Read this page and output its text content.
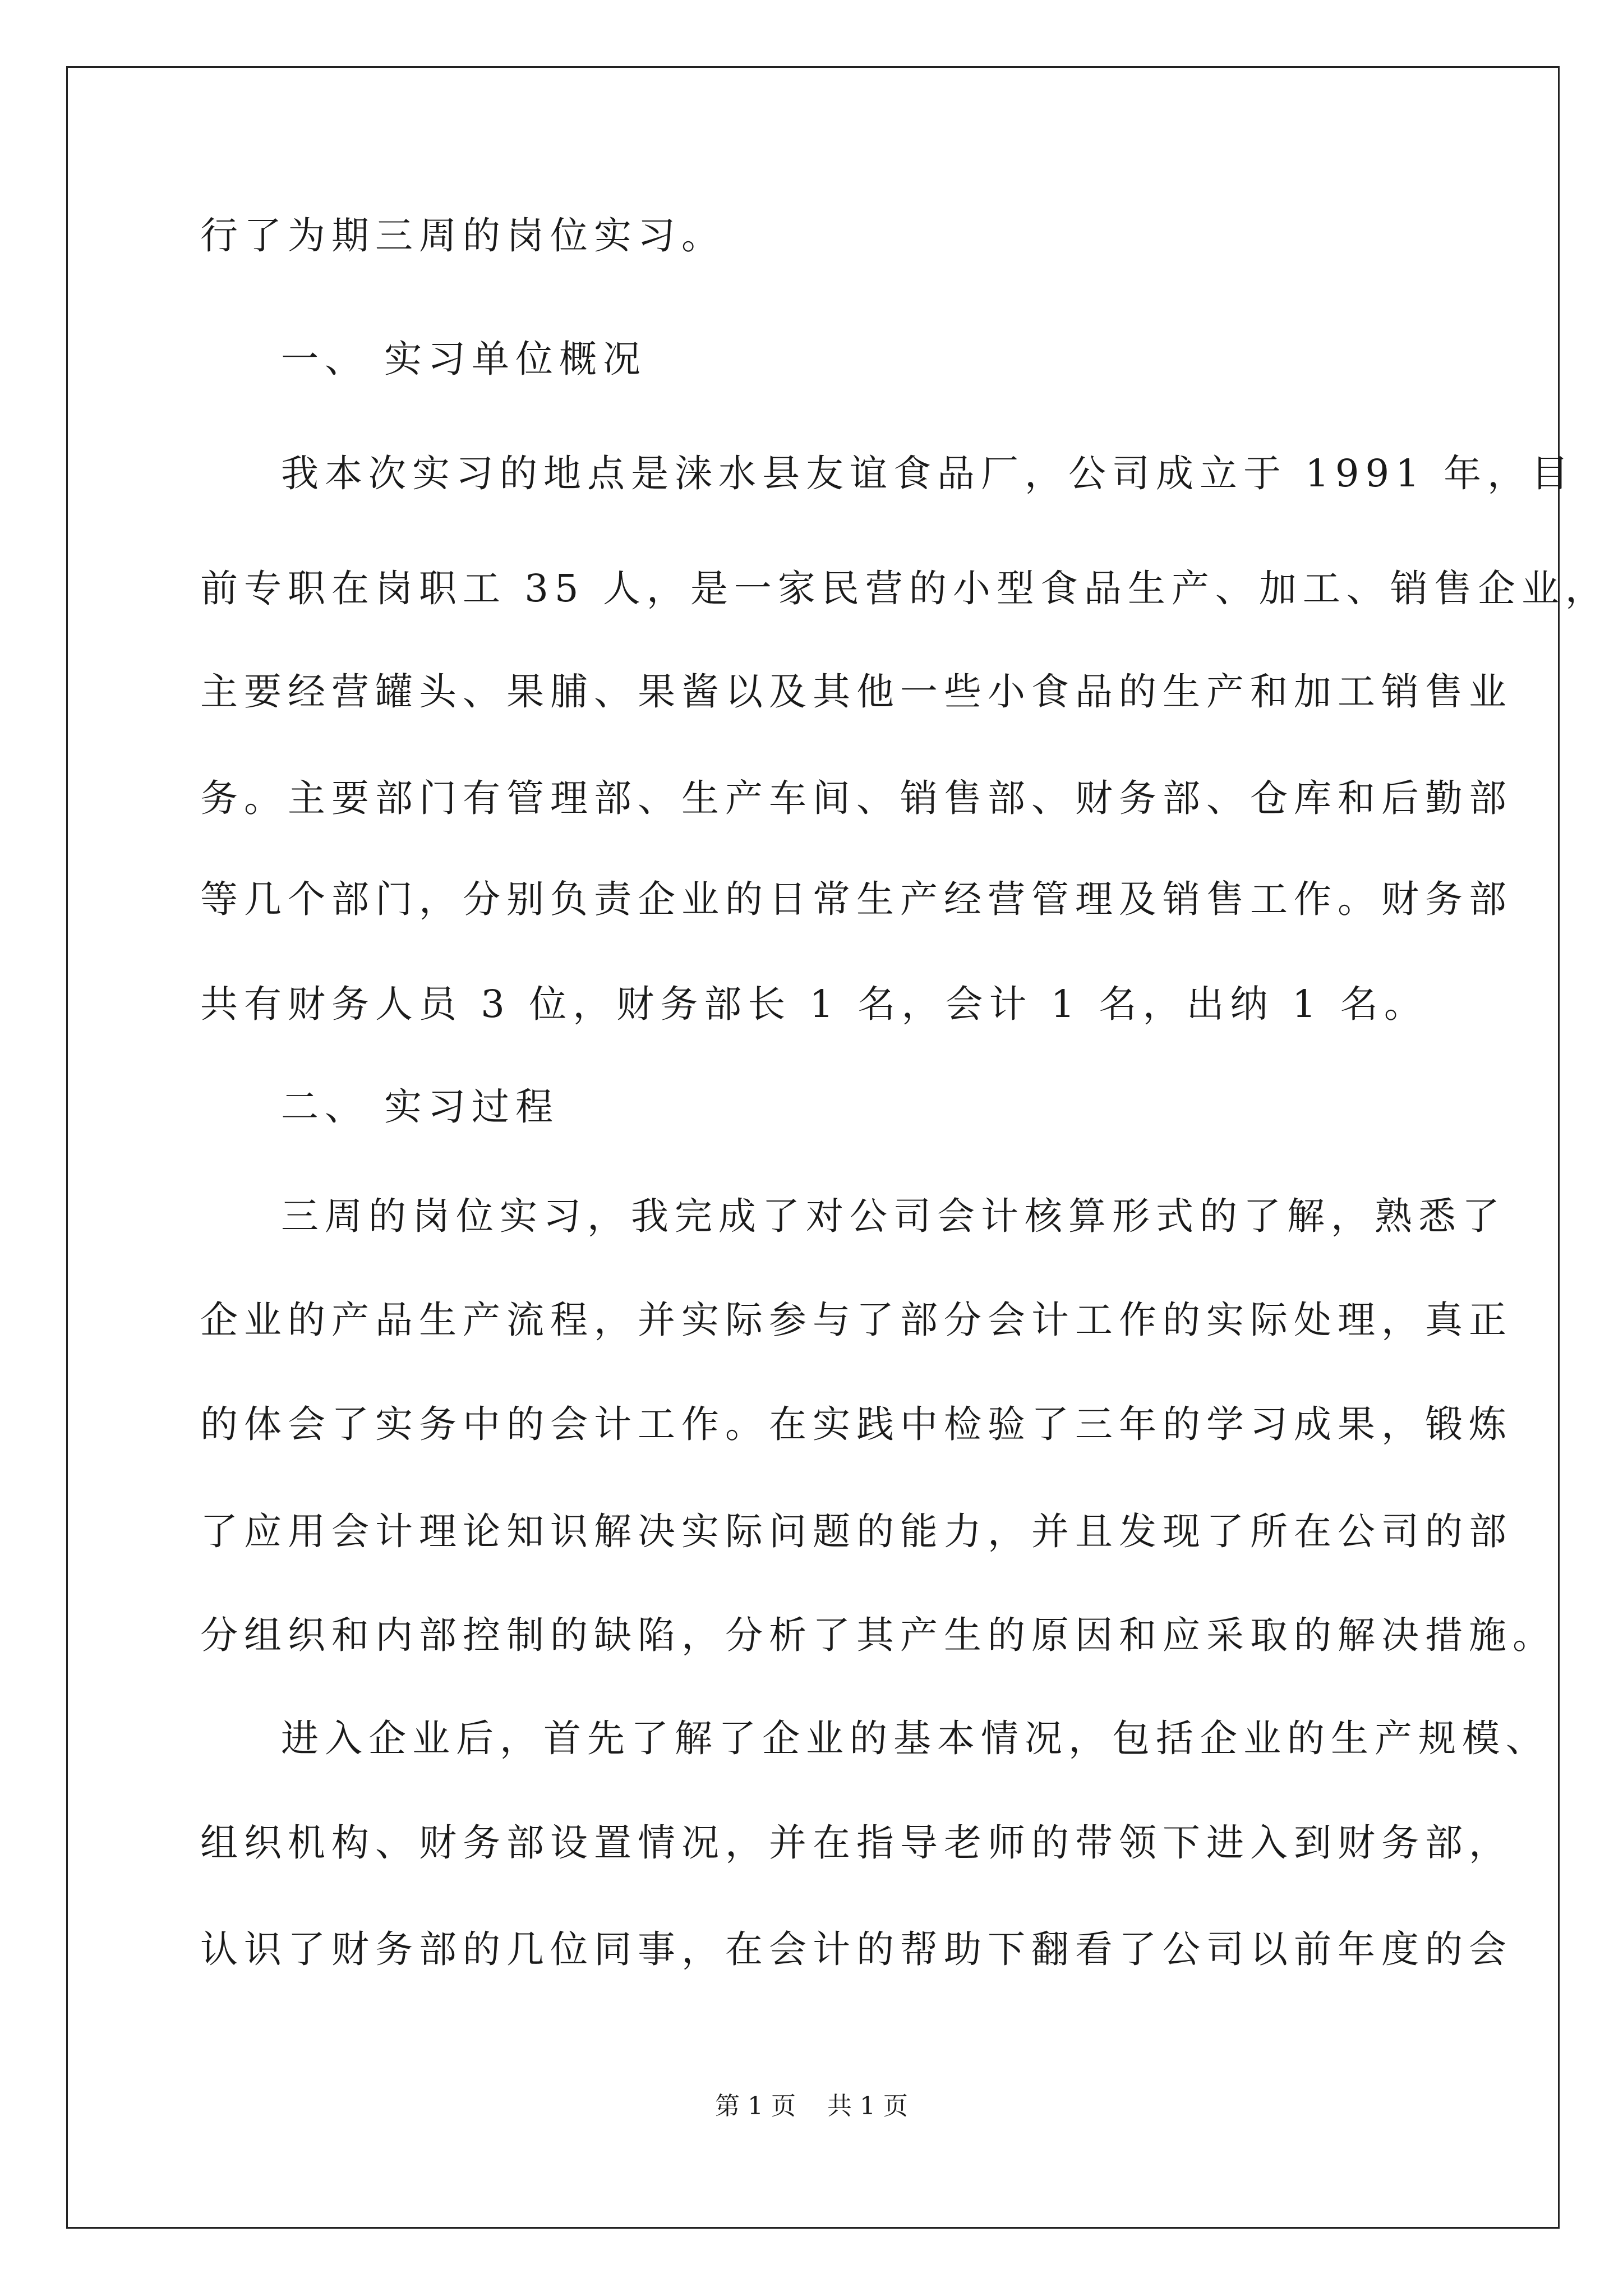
行了为期三周的岗位实习。
一、 实习单位概况
我本次实习的地点是涞水县友谊食品厂，公司成立于 1991 年，目
前专职在岗职工 35 人，是一家民营的小型食品生产、加工、销售企业，
主要经营罐头、果脯、果酱以及其他一些小食品的生产和加工销售业
务。主要部门有管理部、生产车间、销售部、财务部、仓库和后勤部
等几个部门，分别负责企业的日常生产经营管理及销售工作。财务部
共有财务人员 3 位，财务部长 1 名，会计 1 名，出纳 1 名。
二、 实习过程
三周的岗位实习，我完成了对公司会计核算形式的了解，熟悉了
企业的产品生产流程，并实际参与了部分会计工作的实际处理，真正
的体会了实务中的会计工作。在实践中检验了三年的学习成果，锻炼
了应用会计理论知识解决实际问题的能力，并且发现了所在公司的部
分组织和内部控制的缺陷，分析了其产生的原因和应采取的解决措施。
进入企业后，首先了解了企业的基本情况，包括企业的生产规模、
组织机构、财务部设置情况，并在指导老师的带领下进入到财务部，
认识了财务部的几位同事，在会计的帮助下翻看了公司以前年度的会
第 1 页    共 1 页
